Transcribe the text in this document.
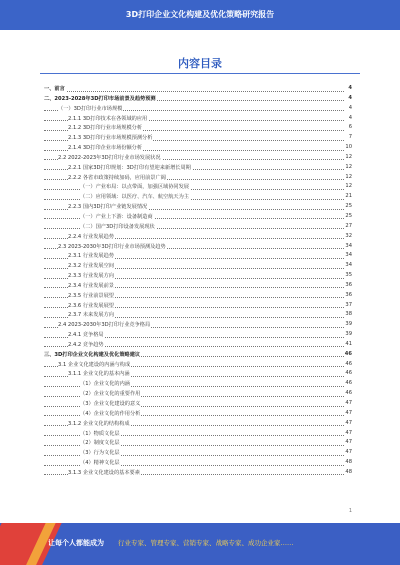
3D打印企业文化构建及优化策略研究报告
内容目录
一、前言	4
二、2023-2028年3D打印市场前景及趋势预测	4
（一）3D打印行业市场规模	4
2.1.1 3D打印技术在各领域的应用	4
2.1.2 3D打印行业市场规模分析	6
2.1.3 3D打印行业市场规模预测分析	7
2.1.4 3D打印企业市场份额分析	10
2.2 2022-2023年3D打印行业市场发展状况	12
2.2.1 国家3D打印规划：3D打印有望迎来新增长周期	12
2.2.2 各省市政策持续加码，应用前景广阔	12
（一）产业布局：以点带面，加强区域协同发展	12
（二）应用领域：以医疗、汽车、航空航天为主	21
2.2.3 国内3D打印产业链发展情况	25
（一）产业上下游：设备制造商	25
（二）国产3D打印设备发展现状	27
2.2.4 行业发展趋势	32
2.3 2023-2030年3D打印行业市场预测及趋势	34
2.3.1 行业发展趋势	34
2.3.2 行业发展空间	34
2.3.3 行业发展方向	35
2.3.4 行业发展前景	36
2.3.5 行业前景展望	36
2.3.6 行业发展展望	37
2.3.7 未来发展方向	38
2.4 2023-2030年3D打印行业竞争格局	39
2.4.1 竞争格局	39
2.4.2 竞争趋势	41
三、3D打印企业文化构建及优化策略建议	46
3.1 企业文化建设的内涵与构成	46
3.1.1 企业文化的基本内涵	46
（1）企业文化的内涵	46
（2）企业文化的重要作用	46
（3）企业文化建设的意义	47
（4）企业文化的作用分析	47
3.1.2 企业文化的结构构成	47
（1）物质文化层	47
（2）制度文化层	47
（3）行为文化层	47
（4）精神文化层	48
3.1.3 企业文化建设的基本要素	48
1
让每个人都能成为 行业专家、管理专家、营销专家、战略专家、成功企业家……
